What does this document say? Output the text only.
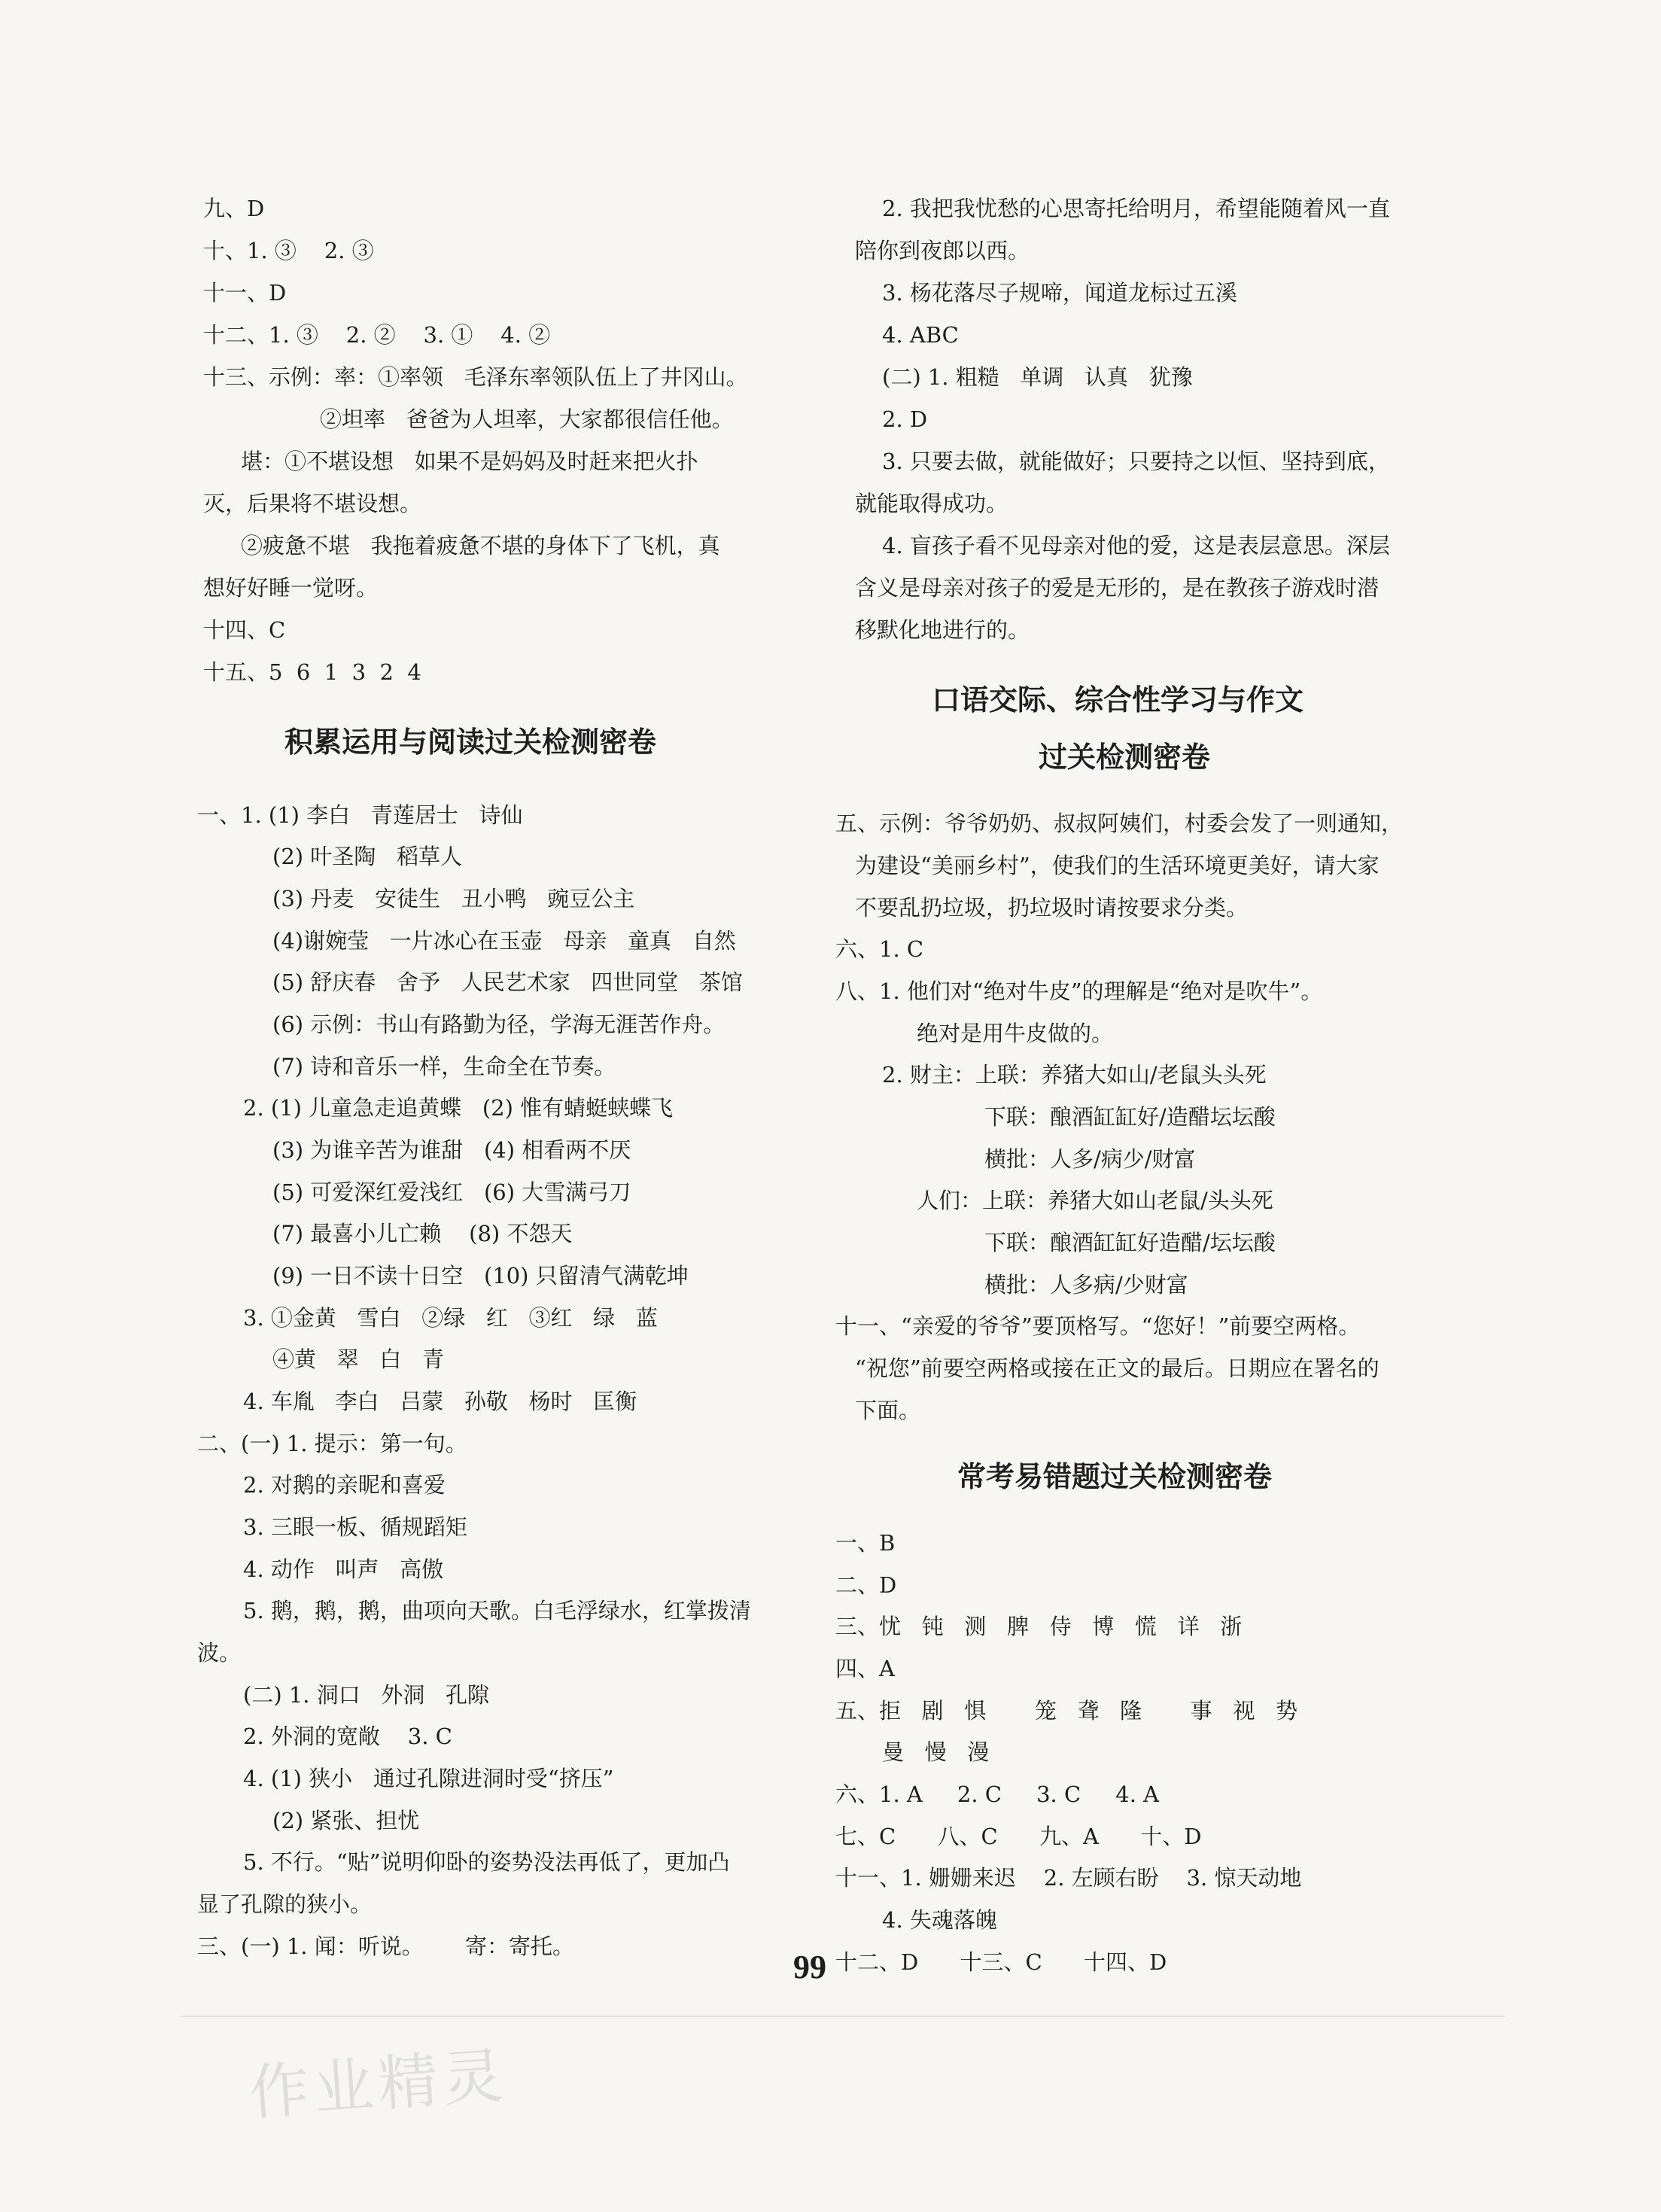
九、D
十、1. ③    2. ③
十一、D
十二、1. ③    2. ②    3. ①    4. ②
十三、示例：率：①率领   毛泽东率领队伍上了井冈山。
②坦率   爸爸为人坦率，大家都很信任他。
堪：①不堪设想   如果不是妈妈及时赶来把火扑
灭，后果将不堪设想。
②疲惫不堪   我拖着疲惫不堪的身体下了飞机，真
想好好睡一觉呀。
十四、C
十五、5  6  1  3  2  4
一、1. (1) 李白   青莲居士   诗仙
(2) 叶圣陶   稻草人
(3) 丹麦   安徒生   丑小鸭   豌豆公主
(4)谢婉莹   一片冰心在玉壶   母亲   童真   自然
(5) 舒庆春   舍予   人民艺术家   四世同堂   茶馆
(6) 示例：书山有路勤为径，学海无涯苦作舟。
(7) 诗和音乐一样，生命全在节奏。
2. (1) 儿童急走追黄蝶   (2) 惟有蜻蜓蛱蝶飞
(3) 为谁辛苦为谁甜   (4) 相看两不厌
(5) 可爱深红爱浅红   (6) 大雪满弓刀
(7) 最喜小儿亡赖    (8) 不怨天
(9) 一日不读十日空   (10) 只留清气满乾坤
3. ①金黄   雪白   ②绿   红   ③红   绿   蓝
④黄   翠   白   青
4. 车胤   李白   吕蒙   孙敬   杨时   匡衡
二、(一) 1. 提示：第一句。
2. 对鹅的亲昵和喜爱
3. 三眼一板、循规蹈矩
4. 动作   叫声   高傲
5. 鹅，鹅，鹅，曲项向天歌。白毛浮绿水，红掌拨清
波。
(二) 1. 洞口   外洞   孔隙
2. 外洞的宽敞    3. C
4. (1) 狭小   通过孔隙进洞时受“挤压”
(2) 紧张、担忧
5. 不行。“贴”说明仰卧的姿势没法再低了，更加凸
显了孔隙的狭小。
三、(一) 1. 闻：听说。      寄：寄托。
积累运用与阅读过关检测密卷
2. 我把我忧愁的心思寄托给明月，希望能随着风一直
陪你到夜郎以西。
3. 杨花落尽子规啼，闻道龙标过五溪
4. ABC
(二) 1. 粗糙   单调   认真   犹豫
2. D
3. 只要去做，就能做好；只要持之以恒、坚持到底，
就能取得成功。
4. 盲孩子看不见母亲对他的爱，这是表层意思。深层
含义是母亲对孩子的爱是无形的，是在教孩子游戏时潜
移默化地进行的。
五、示例：爷爷奶奶、叔叔阿姨们，村委会发了一则通知，
为建设“美丽乡村”，使我们的生活环境更美好，请大家
不要乱扔垃圾，扔垃圾时请按要求分类。
六、1. C
八、1. 他们对“绝对牛皮”的理解是“绝对是吹牛”。
绝对是用牛皮做的。
2. 财主：上联：养猪大如山/老鼠头头死
下联：酿酒缸缸好/造醋坛坛酸
横批：人多/病少/财富
人们：上联：养猪大如山老鼠/头头死
下联：酿酒缸缸好造醋/坛坛酸
横批：人多病/少财富
十一、“亲爱的爷爷”要顶格写。“您好！”前要空两格。
“祝您”前要空两格或接在正文的最后。日期应在署名的
下面。
一、B
二、D
三、忧   钝   测   脾   侍   博   慌   详   浙
四、A
五、拒   剧   惧       笼   聋   隆       事   视   势
曼   慢   漫
六、1. A     2. C     3. C     4. A
七、C      八、C      九、A      十、D
十一、1. 姗姗来迟    2. 左顾右盼    3. 惊天动地
4. 失魂落魄
十二、D      十三、C      十四、D
口语交际、综合性学习与作文
过关检测密卷
常考易错题过关检测密卷
99
作业精灵
